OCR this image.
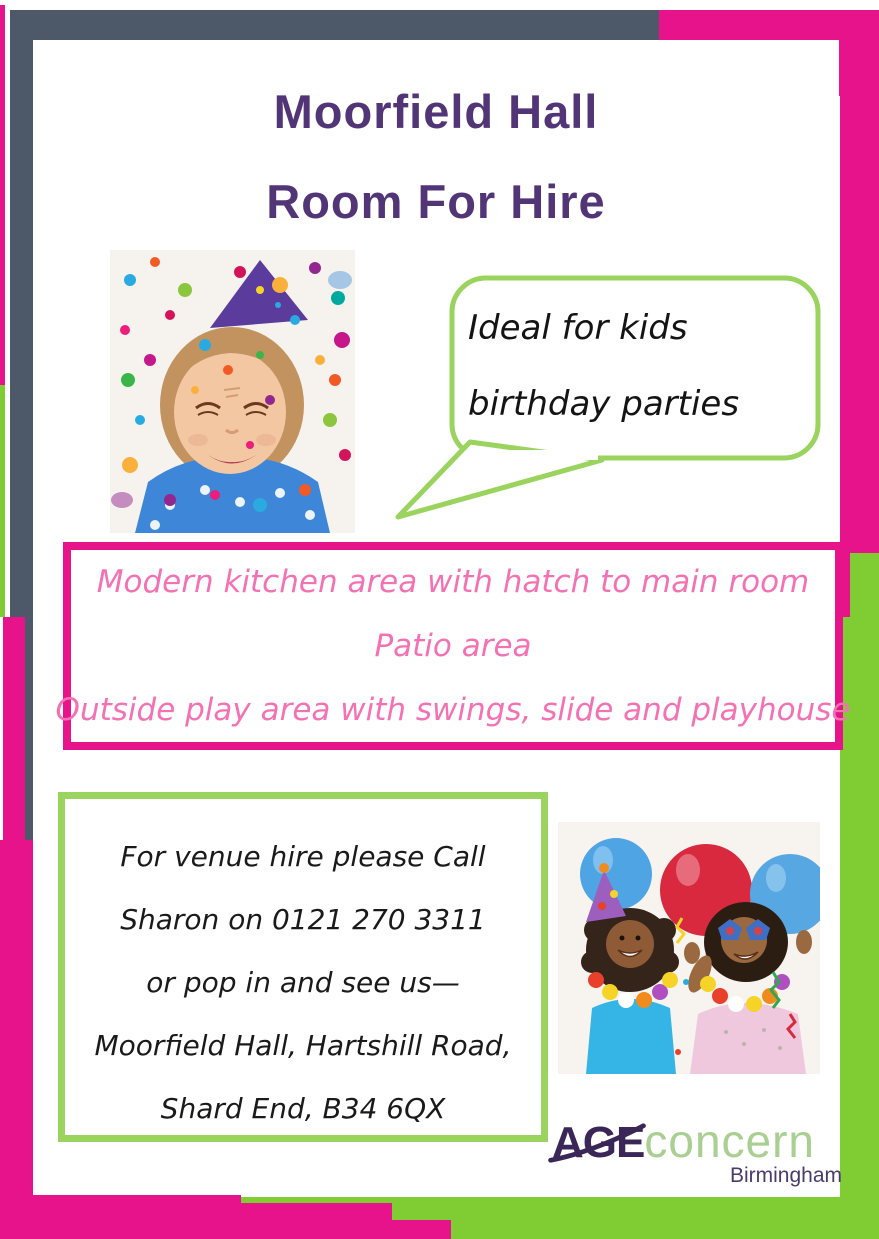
Moorfield Hall
Room For Hire
Ideal for kids
birthday parties
Modern kitchen area with hatch to main room
Patio area
Outside play area with swings, slide and playhouse
For venue hire please Call
Sharon on 0121 270 3311
or pop in and see us—
Moorfield Hall, Hartshill Road,
Shard End, B34 6QX
AGE concern
Birmingham
